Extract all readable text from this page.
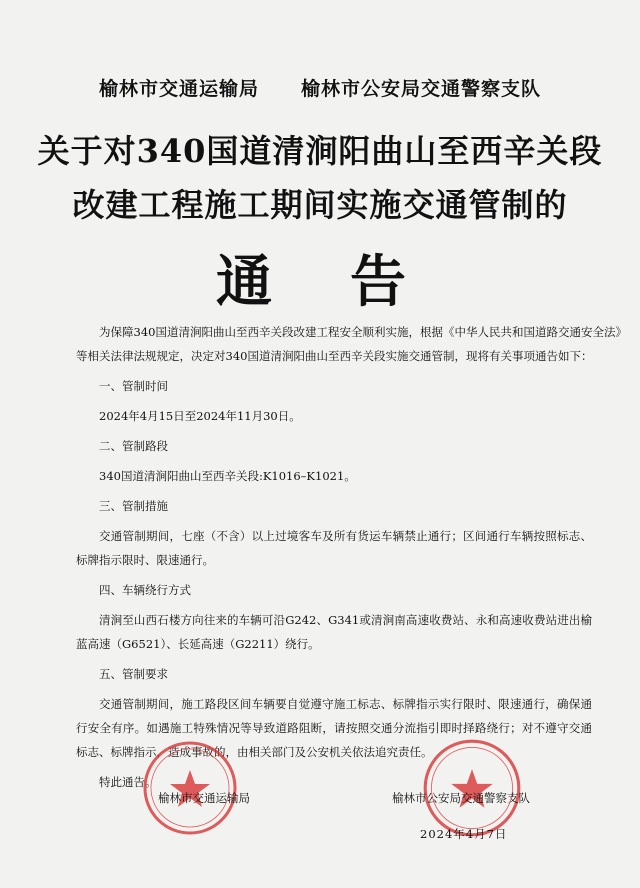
榆林市交通运输局 榆林市公安局交通警察支队
关于对340国道清涧阳曲山至西辛关段
改建工程施工期间实施交通管制的
通告

为保障340国道清涧阳曲山至西辛关段改建工程安全顺利实施，根据《中华人民共和国道路交通安全法》

等相关法律法规规定，决定对340国道清涧阳曲山至西辛关段实施交通管制，现将有关事项通告如下：

一、管制时间

2024年4月15日至2024年11月30日。

二、管制路段

340国道清涧阳曲山至西辛关段:K1016–K1021。

三、管制措施

交通管制期间，七座（不含）以上过境客车及所有货运车辆禁止通行；区间通行车辆按照标志、标牌指示限时、限速通行。

四、车辆绕行方式

清涧至山西石楼方向往来的车辆可沿G242、G341或清涧南高速收费站、永和高速收费站进出榆蓝高速（G6521）、长延高速（G2211）绕行。

五、管制要求

交通管制期间，施工路段区间车辆要自觉遵守施工标志、标牌指示实行限时、限速通行，确保通行安全有序。如遇施工特殊情况等导致道路阻断，请按照交通分流指引即时择路绕行；对不遵守交通标志、标牌指示，造成事故的，由相关部门及公安机关依法追究责任。

特此通告。

榆林市交通运输局	榆林市公安局交通警察支队
2024年4月7日
